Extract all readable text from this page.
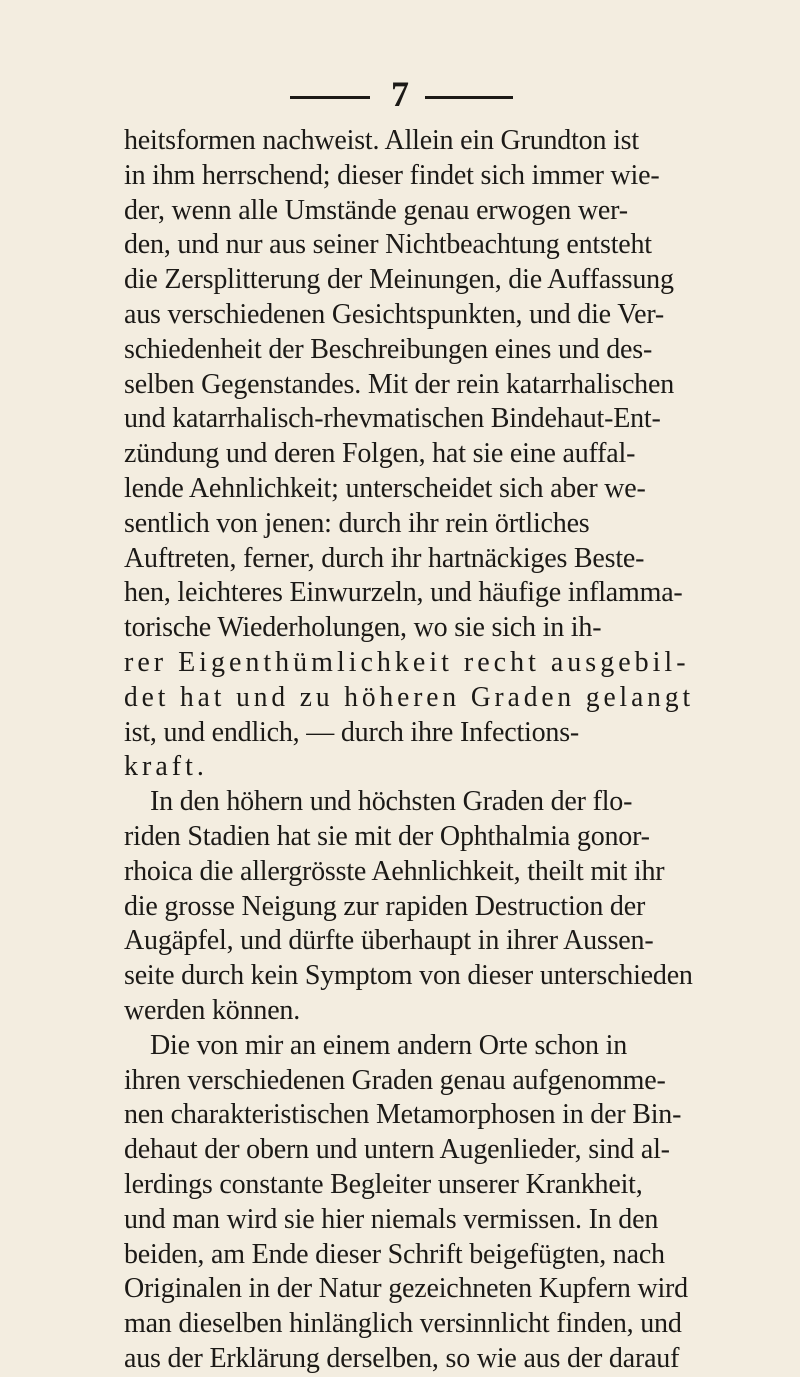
7
heitsformen nachweist. Allein ein Grundton ist
in ihm herrschend; dieser findet sich immer wie-
der, wenn alle Umstände genau erwogen wer-
den, und nur aus seiner Nichtbeachtung entsteht
die Zersplitterung der Meinungen, die Auffassung
aus verschiedenen Gesichtspunkten, und die Ver-
schiedenheit der Beschreibungen eines und des-
selben Gegenstandes. Mit der rein katarrhalischen
und katarrhalisch-rhevmatischen Bindehaut-Ent-
zündung und deren Folgen, hat sie eine auffal-
lende Aehnlichkeit; unterscheidet sich aber we-
sentlich von jenen: durch ihr rein örtliches
Auftreten, ferner, durch ihr hartnäckiges Beste-
hen, leichteres Einwurzeln, und häufige inflamma-
torische Wiederholungen, wo sie sich in ih-
rer Eigenthümlichkeit recht ausgebil-
det hat und zu höheren Graden gelangt
ist, und endlich, — durch ihre Infections-
kraft.
In den höhern und höchsten Graden der flo-
riden Stadien hat sie mit der Ophthalmia gonor-
rhoica die allergrösste Aehnlichkeit, theilt mit ihr
die grosse Neigung zur rapiden Destruction der
Augäpfel, und dürfte überhaupt in ihrer Aussen-
seite durch kein Symptom von dieser unterschieden
werden können.
Die von mir an einem andern Orte schon in
ihren verschiedenen Graden genau aufgenomme-
nen charakteristischen Metamorphosen in der Bin-
dehaut der obern und untern Augenlieder, sind al-
lerdings constante Begleiter unserer Krankheit,
und man wird sie hier niemals vermissen. In den
beiden, am Ende dieser Schrift beigefügten, nach
Originalen in der Natur gezeichneten Kupfern wird
man dieselben hinlänglich versinnlicht finden, und
aus der Erklärung derselben, so wie aus der darauf
